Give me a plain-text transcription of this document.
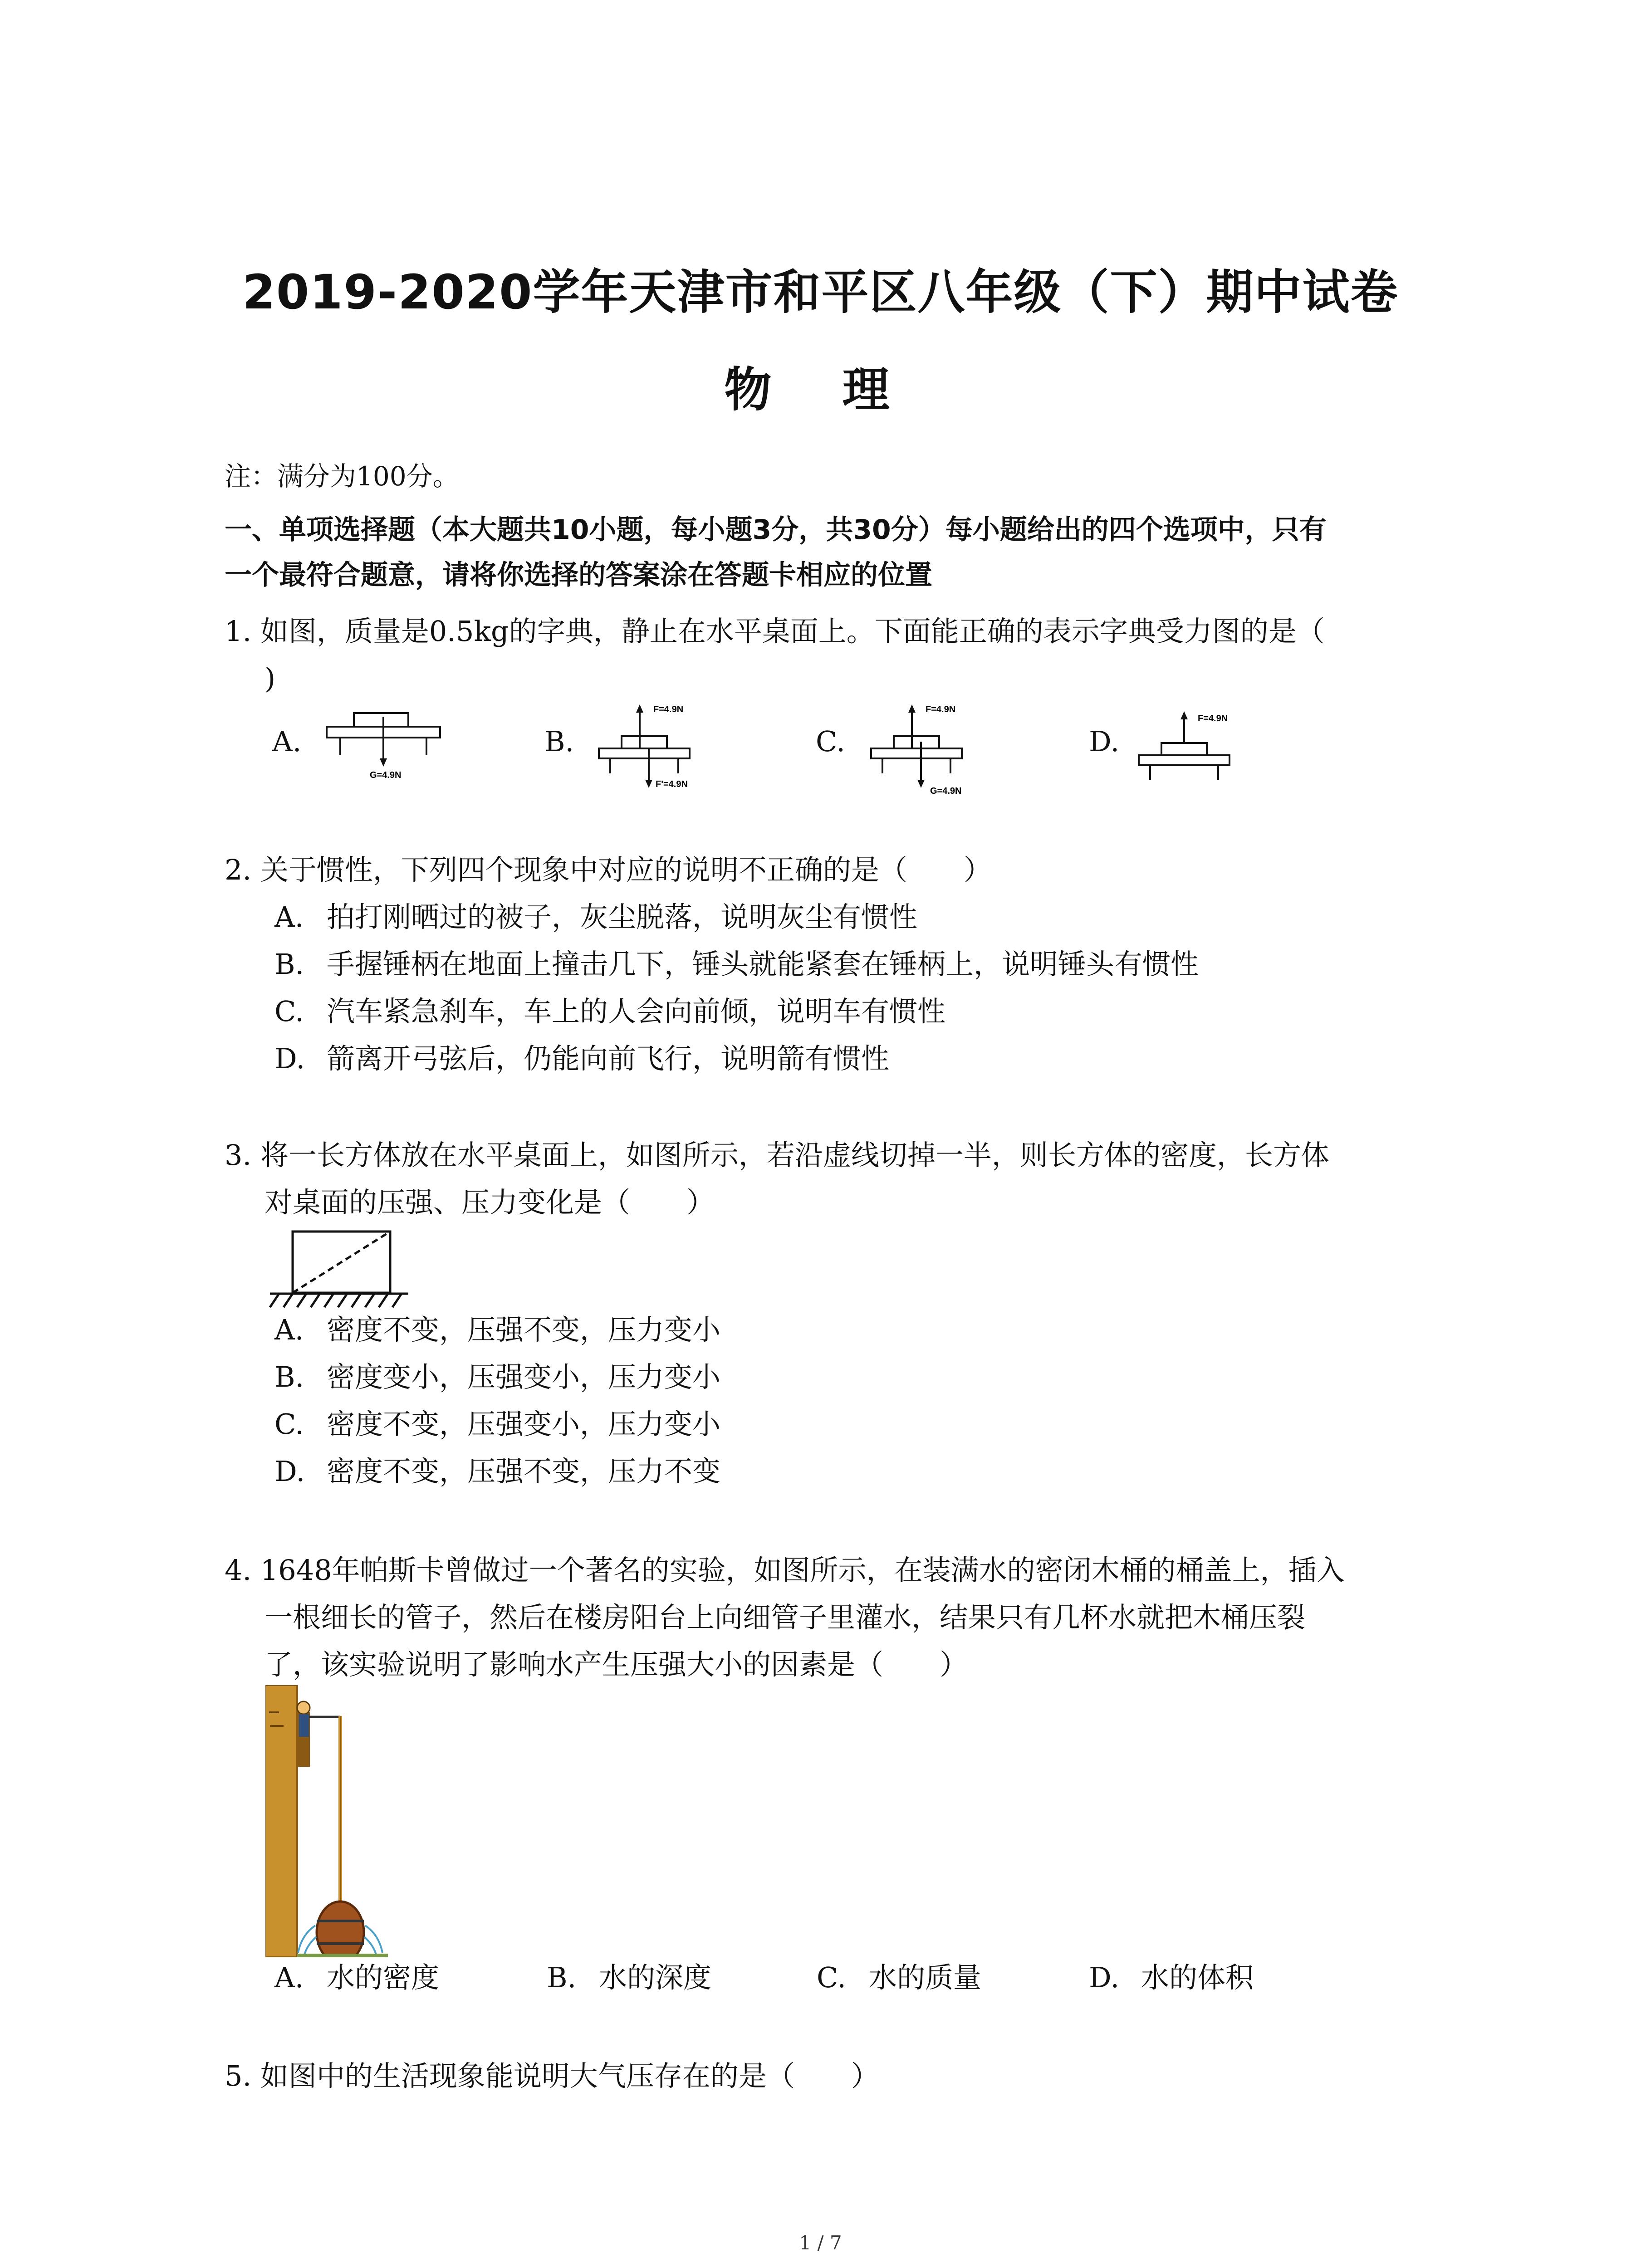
2019-2020学年天津市和平区八年级（下）期中试卷
物 理
注：满分为100分。
一、单项选择题（本大题共10小题，每小题3分，共30分）每小题给出的四个选项中，只有
一个最符合题意，请将你选择的答案涂在答题卡相应的位置
1. 如图，质量是0.5kg的字典，静止在水平桌面上。下面能正确的表示字典受力图的是（
)
A.
G=4.9N
B.
F=4.9N
F'=4.9N
C.
F=4.9N
G=4.9N
D.
F=4.9N
2. 关于惯性，下列四个现象中对应的说明不正确的是（　　）
A. 拍打刚晒过的被子，灰尘脱落，说明灰尘有惯性
B. 手握锤柄在地面上撞击几下，锤头就能紧套在锤柄上，说明锤头有惯性
C. 汽车紧急刹车，车上的人会向前倾，说明车有惯性
D. 箭离开弓弦后，仍能向前飞行，说明箭有惯性
3. 将一长方体放在水平桌面上，如图所示，若沿虚线切掉一半，则长方体的密度，长方体
对桌面的压强、压力变化是（　　）
A. 密度不变，压强不变，压力变小
B. 密度变小，压强变小，压力变小
C. 密度不变，压强变小，压力变小
D. 密度不变，压强不变，压力不变
4. 1648年帕斯卡曾做过一个著名的实验，如图所示，在装满水的密闭木桶的桶盖上，插入
一根细长的管子，然后在楼房阳台上向细管子里灌水，结果只有几杯水就把木桶压裂
了，该实验说明了影响水产生压强大小的因素是（　　）
A. 水的密度	B. 水的深度	C. 水的质量	D. 水的体积
5. 如图中的生活现象能说明大气压存在的是（　　）
1 / 7
